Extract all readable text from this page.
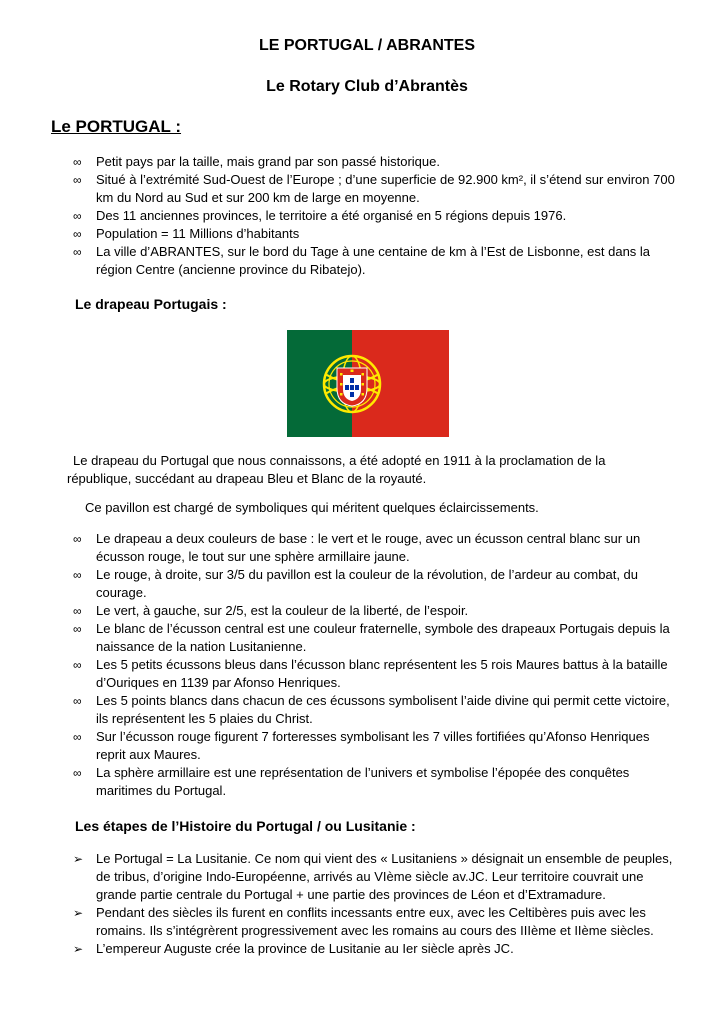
LE PORTUGAL / ABRANTES
Le Rotary Club d’Abrantès
Le PORTUGAL :
∞ Petit pays par la taille, mais grand par son passé historique.
∞ Situé à l’extrémité Sud-Ouest de l’Europe ; d’une superficie de 92.900 km², il s’étend sur environ 700 km du Nord au Sud et sur 200 km de large en moyenne.
∞ Des 11 anciennes provinces, le territoire a été organisé en 5 régions depuis 1976.
∞ Population = 11 Millions d’habitants
∞ La ville d’ABRANTES, sur le bord du Tage à une centaine de km à l’Est de Lisbonne, est dans la région Centre (ancienne province du Ribatejo).
Le drapeau Portugais :

Le drapeau du Portugal que nous connaissons, a été adopté en 1911 à la proclamation de la république, succédant au drapeau Bleu et Blanc de la royauté.

Ce pavillon est chargé de symboliques qui méritent quelques éclaircissements.

∞ Le drapeau a deux couleurs de base : le vert et le rouge, avec un écusson central blanc sur un écusson rouge, le tout sur une sphère armillaire jaune.
∞ Le rouge, à droite, sur 3/5 du pavillon est la couleur de la révolution, de l’ardeur au combat, du courage.
∞ Le vert, à gauche, sur 2/5, est la couleur de la liberté, de l’espoir.
∞ Le blanc de l’écusson central est une couleur fraternelle, symbole des drapeaux Portugais depuis la naissance de la nation Lusitanienne.
∞ Les 5 petits écussons bleus dans l’écusson blanc représentent les 5 rois Maures battus à la bataille d’Ouriques en 1139 par Afonso Henriques.
∞ Les 5 points blancs dans chacun de ces écussons symbolisent l’aide divine qui permit cette victoire, ils représentent les 5 plaies du Christ.
∞ Sur l’écusson rouge figurent 7 forteresses symbolisant les 7 villes fortifiées qu’Afonso Henriques reprit aux Maures.
∞ La sphère armillaire est une représentation de l’univers et symbolise l’épopée des conquêtes maritimes du Portugal.
Les étapes de l’Histoire du Portugal / ou Lusitanie :
➢ Le Portugal = La Lusitanie. Ce nom qui vient des « Lusitaniens » désignait un ensemble de peuples, de tribus, d’origine Indo-Européenne, arrivés au VIème siècle av.JC. Leur territoire couvrait une grande partie centrale du Portugal + une partie des provinces de Léon et d’Extramadure.
➢ Pendant des siècles ils furent en conflits incessants entre eux, avec les Celtibères puis avec les romains. Ils s’intégrèrent progressivement avec les romains au cours des IIIème et IIème siècles.
➢ L’empereur Auguste crée la province de Lusitanie au Ier siècle après JC.
